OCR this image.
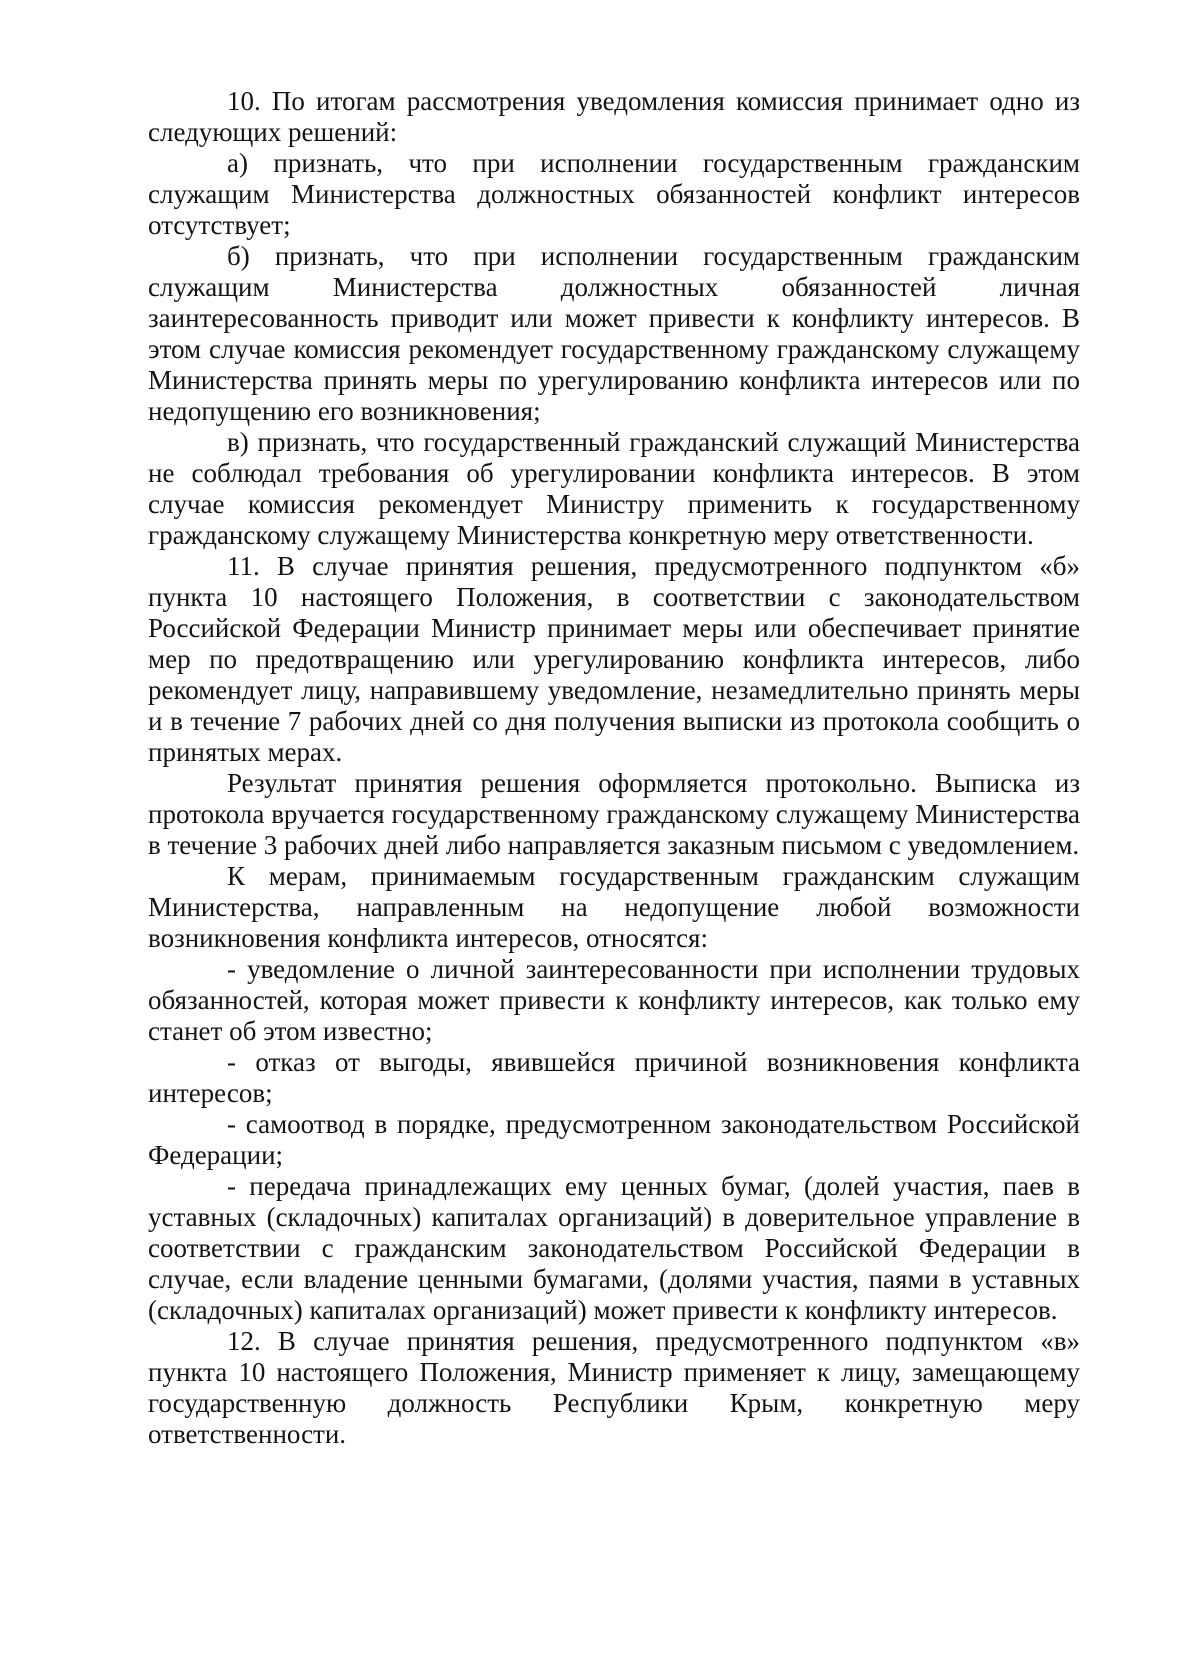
10. По итогам рассмотрения уведомления комиссия принимает одно из следующих решений:

а) признать, что при исполнении государственным гражданским служащим Министерства должностных обязанностей конфликт интересов отсутствует;

б) признать, что при исполнении государственным гражданским служащим Министерства должностных обязанностей личная заинтересованность приводит или может привести к конфликту интересов. В этом случае комиссия рекомендует государственному гражданскому служащему Министерства принять меры по урегулированию конфликта интересов или по недопущению его возникновения;

в) признать, что государственный гражданский служащий Министерства не соблюдал требования об урегулировании конфликта интересов. В этом случае комиссия рекомендует Министру применить к государственному гражданскому служащему Министерства конкретную меру ответственности.

11. В случае принятия решения, предусмотренного подпунктом «б» пункта 10 настоящего Положения, в соответствии с законодательством Российской Федерации Министр принимает меры или обеспечивает принятие мер по предотвращению или урегулированию конфликта интересов, либо рекомендует лицу, направившему уведомление, незамедлительно принять меры и в течение 7 рабочих дней со дня получения выписки из протокола сообщить о принятых мерах.

Результат принятия решения оформляется протокольно. Выписка из протокола вручается государственному гражданскому служащему Министерства в течение 3 рабочих дней либо направляется заказным письмом с уведомлением.

К мерам, принимаемым государственным гражданским служащим Министерства, направленным на недопущение любой возможности возникновения конфликта интересов, относятся:

- уведомление о личной заинтересованности при исполнении трудовых обязанностей, которая может привести к конфликту интересов, как только ему станет об этом известно;

- отказ от выгоды, явившейся причиной возникновения конфликта интересов;

- самоотвод в порядке, предусмотренном законодательством Российской Федерации;

- передача принадлежащих ему ценных бумаг, (долей участия, паев в уставных (складочных) капиталах организаций) в доверительное управление в соответствии с гражданским законодательством Российской Федерации в случае, если владение ценными бумагами, (долями участия, паями в уставных (складочных) капиталах организаций) может привести к конфликту интересов.

12. В случае принятия решения, предусмотренного подпунктом «в» пункта 10 настоящего Положения, Министр применяет к лицу, замещающему государственную должность Республики Крым, конкретную меру ответственности.
